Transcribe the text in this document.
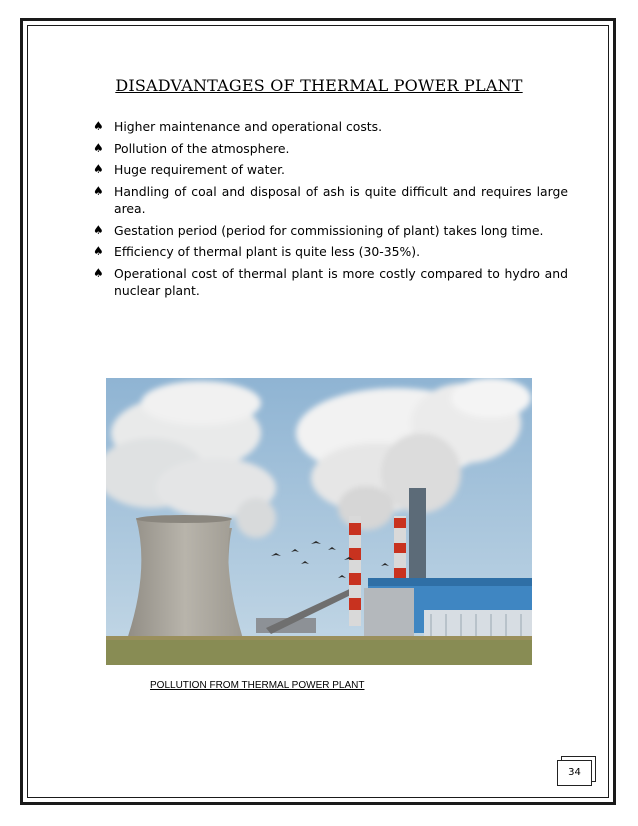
DISADVANTAGES OF THERMAL POWER PLANT
♠ Higher maintenance and operational costs.
♠ Pollution of the atmosphere.
♠ Huge requirement of water.
♠ Handling of coal and disposal of ash is quite difficult and requires large area.
♠ Gestation period (period for commissioning of plant) takes long time.
♠ Efficiency of thermal plant is quite less (30-35%).
♠ Operational cost of thermal plant is more costly compared to hydro and nuclear plant.
POLLUTION FROM THERMAL POWER PLANT
34
